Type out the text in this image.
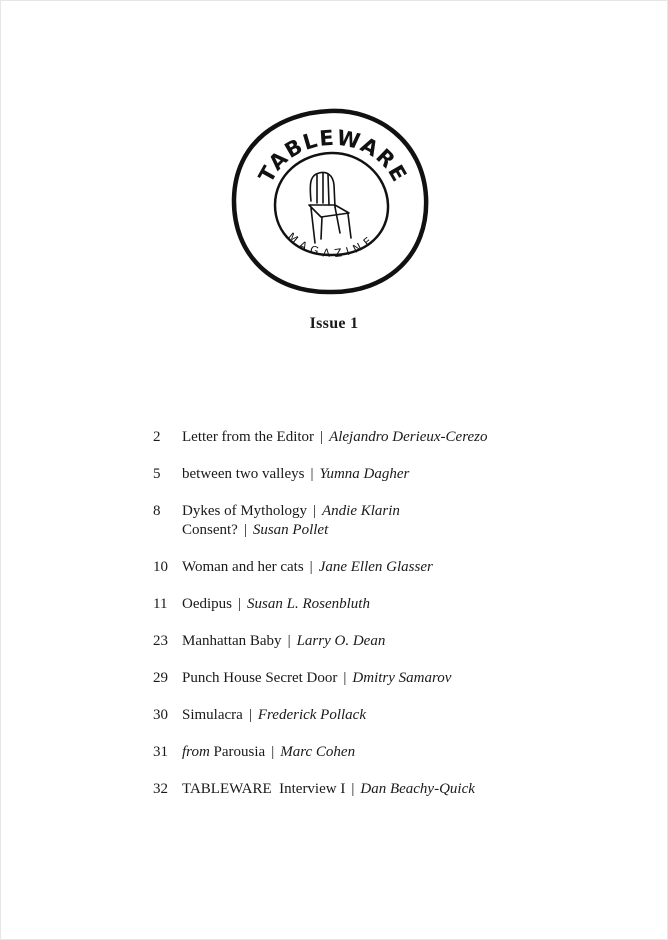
TABLEWARE
MAGAZINE
Issue 1
2	Letter from the Editor | Alejandro Derieux-Cerezo
5	between two valleys | Yumna Dagher
8	Dykes of Mythology | Andie Klarin
Consent? | Susan Pollet
10 Woman and her cats | Jane Ellen Glasser
11 Oedipus | Susan L. Rosenbluth
23 Manhattan Baby | Larry O. Dean
29 Punch House Secret Door | Dmitry Samarov
30 Simulacra | Frederick Pollack
31 from Parousia | Marc Cohen
32 TABLEWARE  Interview I | Dan Beachy-Quick
